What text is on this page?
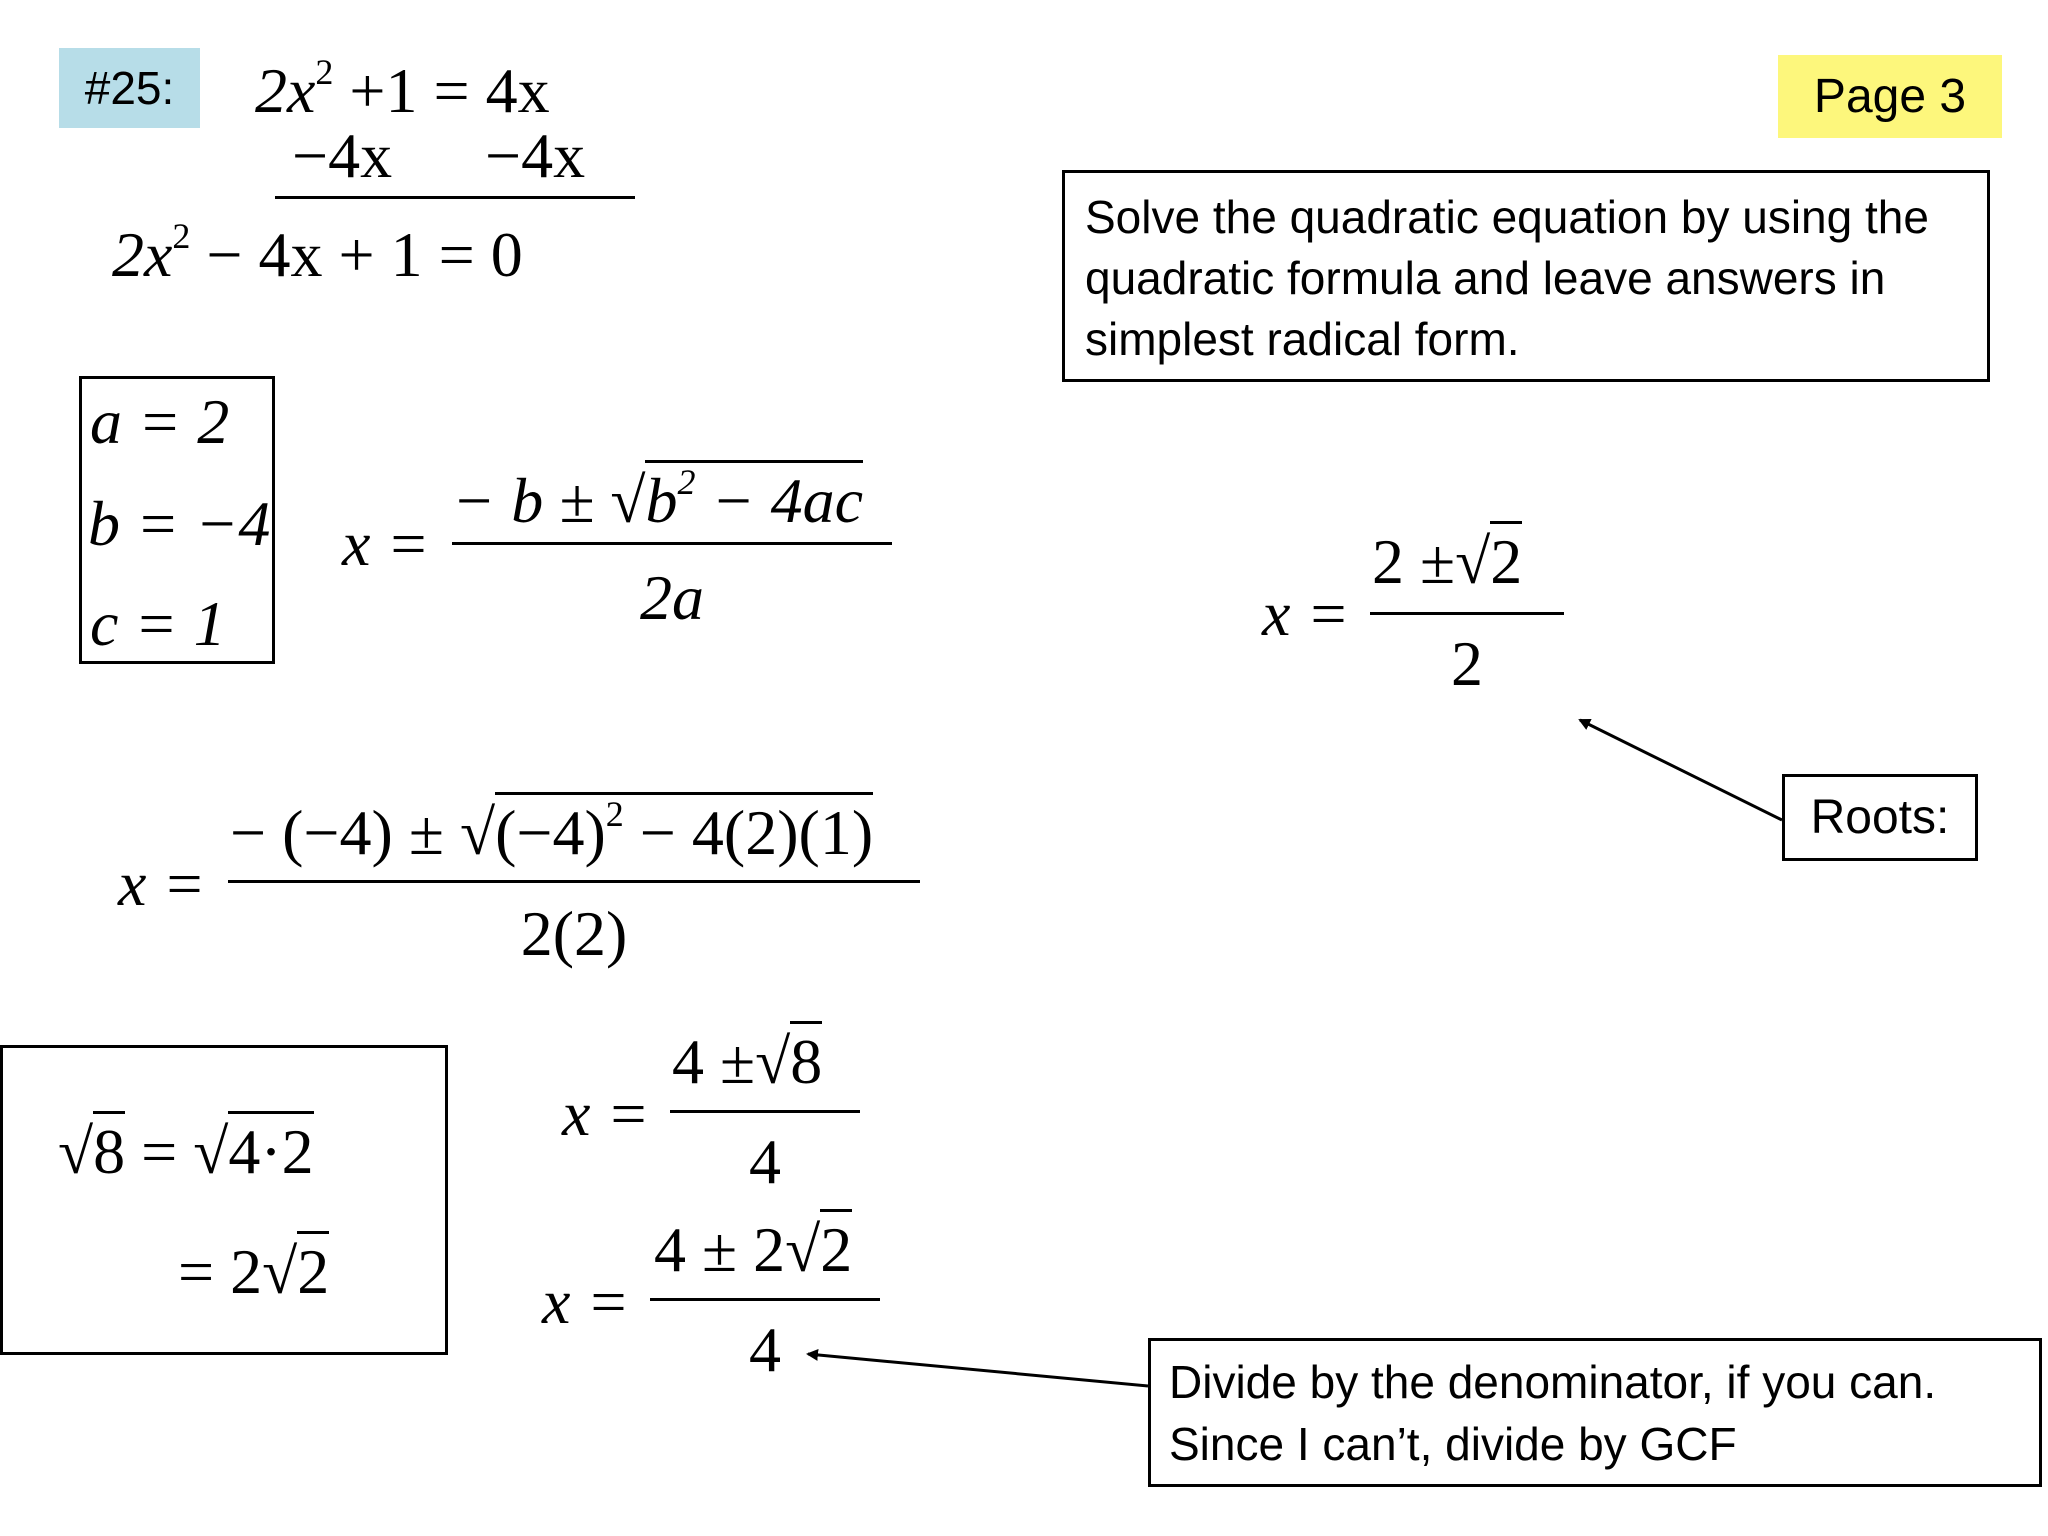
#25:	Page 3
Solve the quadratic equation by using the quadratic formula and leave answers in simplest radical form.
$2x^2 +1 = 4x$
−4x −4x
$2x^2 - 4x + 1 = 0$
a = 2
b = −4
c = 1
x =
− $b \pm √b^2 - 4ac$
2a
x =
− $(-4) \pm √(-4)^2 - 4(2)(1)$
2(2)
√8 = √4·2
= 2√2
x =
4 ±√8
4
x =
4 ± 2√2
4
x =
2 ±√2
2
Roots:
Divide by the denominator, if you can. Since I can’t, divide by GCF
